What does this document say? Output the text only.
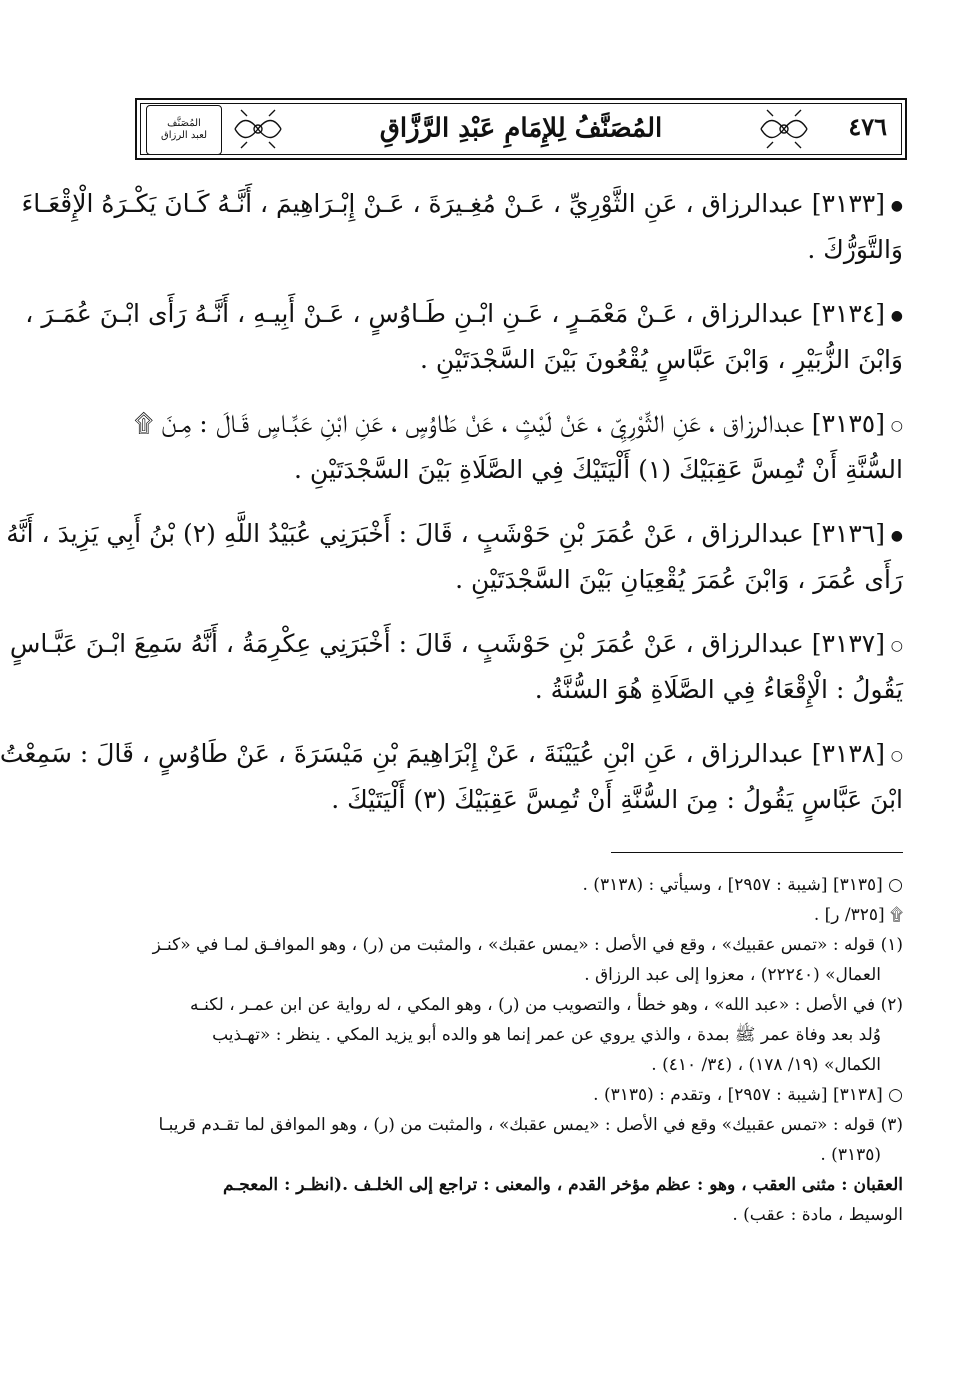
٤٧٦
المُصَنَّفُ لِلإِمَامِ عَبْدِ الرَّزَّاقِ
المُصَنَّف
لعبد الرزاق
●[٣١٣٣] عبدالرزاق ، عَنِ الثَّوْرِيِّ ، عَـنْ مُغِـيرَةَ ، عَـنْ إِبْـرَاهِيمَ ، أَنَّـهُ كَـانَ يَكْـرَهُ الْإِقْعَـاءَ
وَالتَّوَرُّكَ .
●[٣١٣٤] عبدالرزاق ، عَـنْ مَعْمَـرٍ ، عَـنِ ابْـنِ طَـاوُسٍ ، عَـنْ أَبِيـهِ ، أَنَّـهُ رَأَى ابْـنَ عُمَـرَ ،
وَابْنَ الزُّبَيْرِ ، وَابْنَ عَبَّاسٍ يُقْعُونَ بَيْنَ السَّجْدَتَيْنِ .
○[٣١٣٥] عبدالرزاق ، عَنِ الثَّوْرِيِّ ، عَنْ لَيْثٍ ، عَنْ طَاوُسٍ ، عَنِ ابْنِ عَبَّـاسٍ قَـالَ : مِـنَ ۩
السُّنَّةِ أَنْ تُمِسَّ عَقِبَيْكَ (١) أَلْيَتَيْكَ فِي الصَّلَاةِ بَيْنَ السَّجْدَتَيْنِ .
●[٣١٣٦] عبدالرزاق ، عَنْ عُمَرَ بْنِ حَوْشَبٍ ، قَالَ : أَخْبَرَنِي عُبَيْدُ اللَّهِ (٢) بْنُ أَبِي يَزِيدَ ، أَنَّهُ
رَأَى عُمَرَ ، وَابْنَ عُمَرَ يُقْعِيَانِ بَيْنَ السَّجْدَتَيْنِ .
○[٣١٣٧] عبدالرزاق ، عَنْ عُمَرَ بْنِ حَوْشَبٍ ، قَالَ : أَخْبَرَنِي عِكْرِمَةُ ، أَنَّهُ سَمِعَ ابْـنَ عَبَّـاسٍ
يَقُولُ : الْإِقْعَاءُ فِي الصَّلَاةِ هُوَ السُّنَّةُ .
○[٣١٣٨] عبدالرزاق ، عَنِ ابْنِ عُيَيْنَةَ ، عَنْ إِبْرَاهِيمَ بْنِ مَيْسَرَةَ ، عَنْ طَاوُسٍ ، قَالَ : سَمِعْتُ
ابْنَ عَبَّاسٍ يَقُولُ : مِنَ السُّنَّةِ أَنْ تُمِسَّ عَقِبَيْكَ (٣) أَلْيَتَيْكَ .
○ [٣١٣٥] [شيبة : ٢٩٥٧] ، وسيأتي : (٣١٣٨) .
۩ [٣٢٥/ ر] .
(١) قوله : «تمس عقبيك» ، وقع في الأصل : «يمس عقبك» ، والمثبت من (ر) ، وهو الموافـق لمـا في «كنـز
العمال» (٢٢٢٤٠) ، معزوا إلى عبد الرزاق .
(٢) في الأصل : «عبد الله» ، وهو خطأ ، والتصويب من (ر) ، وهو المكي ، له رواية عن ابن عمـر ، لكنـه
وُلد بعد وفاة عمر ﷺ بمدة ، والذي يروي عن عمر إنما هو والده أبو يزيد المكي . ينظر : «تهـذيب
الكمال» (١٩/ ١٧٨) ، (٣٤/ ٤١٠) .
○ [٣١٣٨] [شيبة : ٢٩٥٧] ، وتقدم : (٣١٣٥) .
(٣) قوله : «تمس عقبيك» وقع في الأصل : «يمس عقبك» ، والمثبت من (ر) ، وهو الموافق لما تقـدم قريبـا
(٣١٣٥) .
العقبان : مثنى العقب ، وهو : عظم مؤخر القدم ، والمعنى : تراجع إلى الخلـف .(انظـر : المعجـم
الوسيط ، مادة : عقب) .
